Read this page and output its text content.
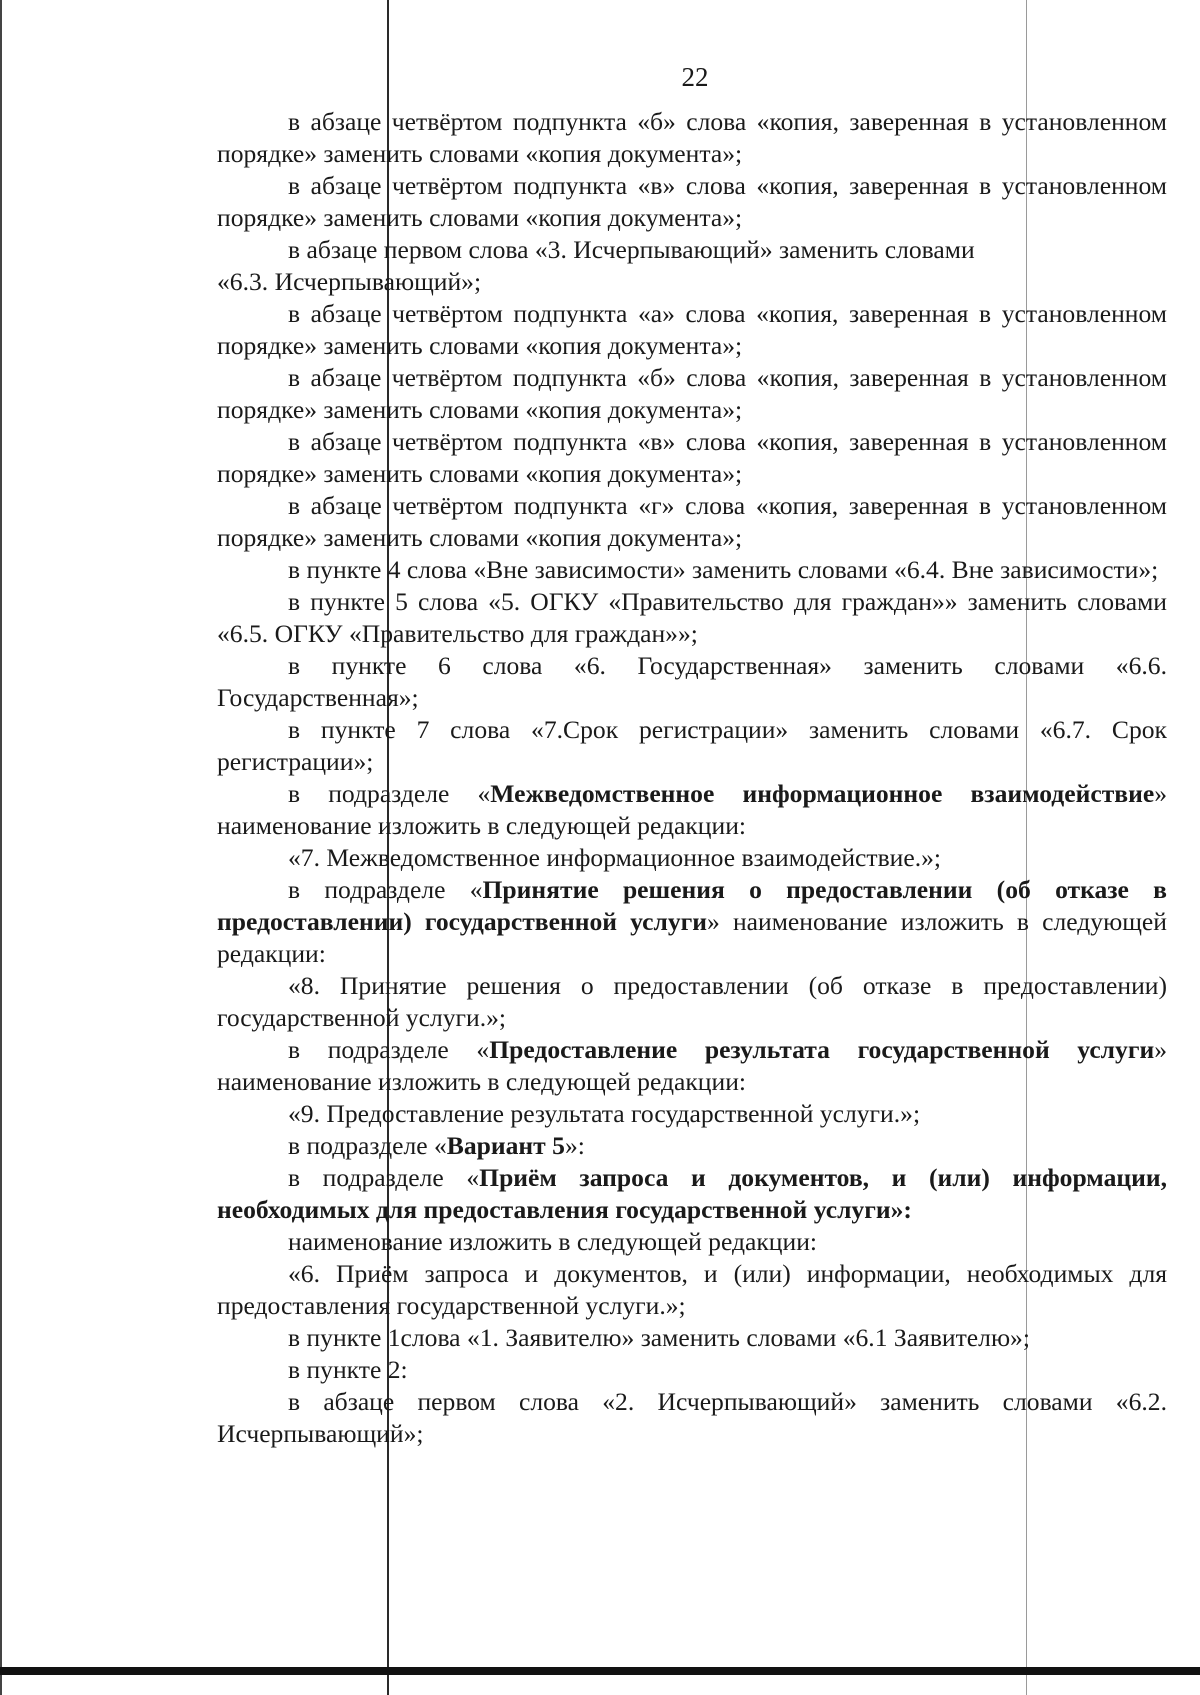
22

в абзаце четвёртом подпункта «б» слова «копия, заверенная в установленном порядке» заменить словами «копия документа»;

в абзаце четвёртом подпункта «в» слова «копия, заверенная в установленном порядке» заменить словами «копия документа»;

в абзаце первом слова «3. Исчерпывающий» заменить словами

«6.3. Исчерпывающий»;

в абзаце четвёртом подпункта «а» слова «копия, заверенная в установленном порядке» заменить словами «копия документа»;

в абзаце четвёртом подпункта «б» слова «копия, заверенная в установленном порядке» заменить словами «копия документа»;

в абзаце четвёртом подпункта «в» слова «копия, заверенная в установленном порядке» заменить словами «копия документа»;

в абзаце четвёртом подпункта «г» слова «копия, заверенная в установленном порядке» заменить словами «копия документа»;

в пункте 4 слова «Вне зависимости» заменить словами «6.4. Вне зависимости»;

в пункте 5 слова «5. ОГКУ «Правительство для граждан»» заменить словами «6.5. ОГКУ «Правительство для граждан»»;

в пункте 6 слова «6. Государственная» заменить словами «6.6. Государственная»;

в пункте 7 слова «7.Срок регистрации» заменить словами «6.7. Срок регистрации»;

в подразделе «Межведомственное информационное взаимодействие» наименование изложить в следующей редакции:

«7. Межведомственное информационное взаимодействие.»;

в подразделе «Принятие решения о предоставлении (об отказе в предоставлении) государственной услуги» наименование изложить в следующей редакции:

«8. Принятие решения о предоставлении (об отказе в предоставлении) государственной услуги.»;

в подразделе «Предоставление результата государственной услуги» наименование изложить в следующей редакции:

«9. Предоставление результата государственной услуги.»;

в подразделе «Вариант 5»:

в подразделе «Приём запроса и документов, и (или) информации, необходимых для предоставления государственной услуги»:

наименование изложить в следующей редакции:

«6. Приём запроса и документов, и (или) информации, необходимых для предоставления государственной услуги.»;

в пункте 1слова «1. Заявителю» заменить словами «6.1 Заявителю»;

в пункте 2:

в абзаце первом слова «2. Исчерпывающий» заменить словами «6.2. Исчерпывающий»;
